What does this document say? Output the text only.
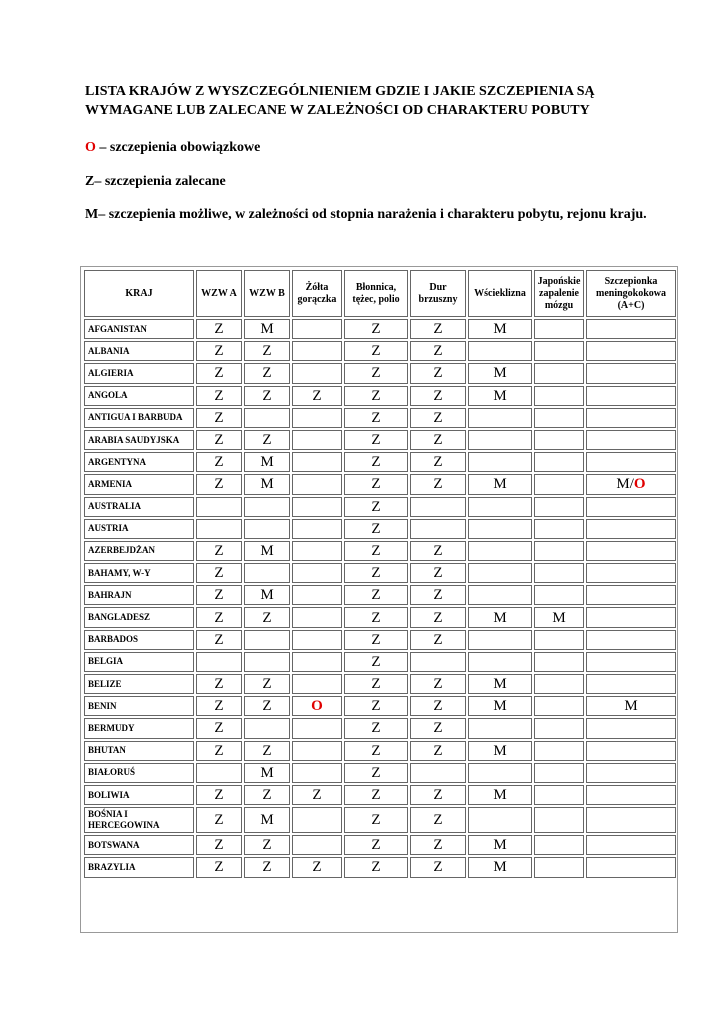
LISTA KRAJÓW Z WYSZCZEGÓLNIENIEM GDZIE I JAKIE SZCZEPIENIA SĄ WYMAGANE LUB ZALECANE W ZALEŻNOŚCI OD CHARAKTERU POBUTY
O – szczepienia obowiązkowe
Z– szczepienia zalecane
M– szczepienia możliwe, w zależności od stopnia narażenia i charakteru pobytu, rejonu kraju.
KRAJ	WZW A	WZW B	Żółta gorączka	Błonnica, tężec, polio	Dur brzuszny	Wścieklizna	Japońskie zapalenie mózgu	Szczepionka meningokokowa (A+C)
AFGANISTAN	Z	M		Z	Z	M		
ALBANIA	Z	Z		Z	Z			
ALGIERIA	Z	Z		Z	Z	M		
ANGOLA	Z	Z	Z	Z	Z	M		
ANTIGUA I BARBUDA	Z			Z	Z			
ARABIA SAUDYJSKA	Z	Z		Z	Z			
ARGENTYNA	Z	M		Z	Z			
ARMENIA	Z	M		Z	Z	M		M/O
AUSTRALIA				Z				
AUSTRIA				Z				
AZERBEJDŻAN	Z	M		Z	Z			
BAHAMY, W-Y	Z			Z	Z			
BAHRAJN	Z	M		Z	Z			
BANGLADESZ	Z	Z		Z	Z	M	M	
BARBADOS	Z			Z	Z			
BELGIA				Z				
BELIZE	Z	Z		Z	Z	M		
BENIN	Z	Z	O	Z	Z	M		M
BERMUDY	Z			Z	Z			
BHUTAN	Z	Z		Z	Z	M		
BIAŁORUŚ		M		Z				
BOLIWIA	Z	Z	Z	Z	Z	M		
BOŚNIA I HERCEGOWINA	Z	M		Z	Z			
BOTSWANA	Z	Z		Z	Z	M		
BRAZYLIA	Z	Z	Z	Z	Z	M		
